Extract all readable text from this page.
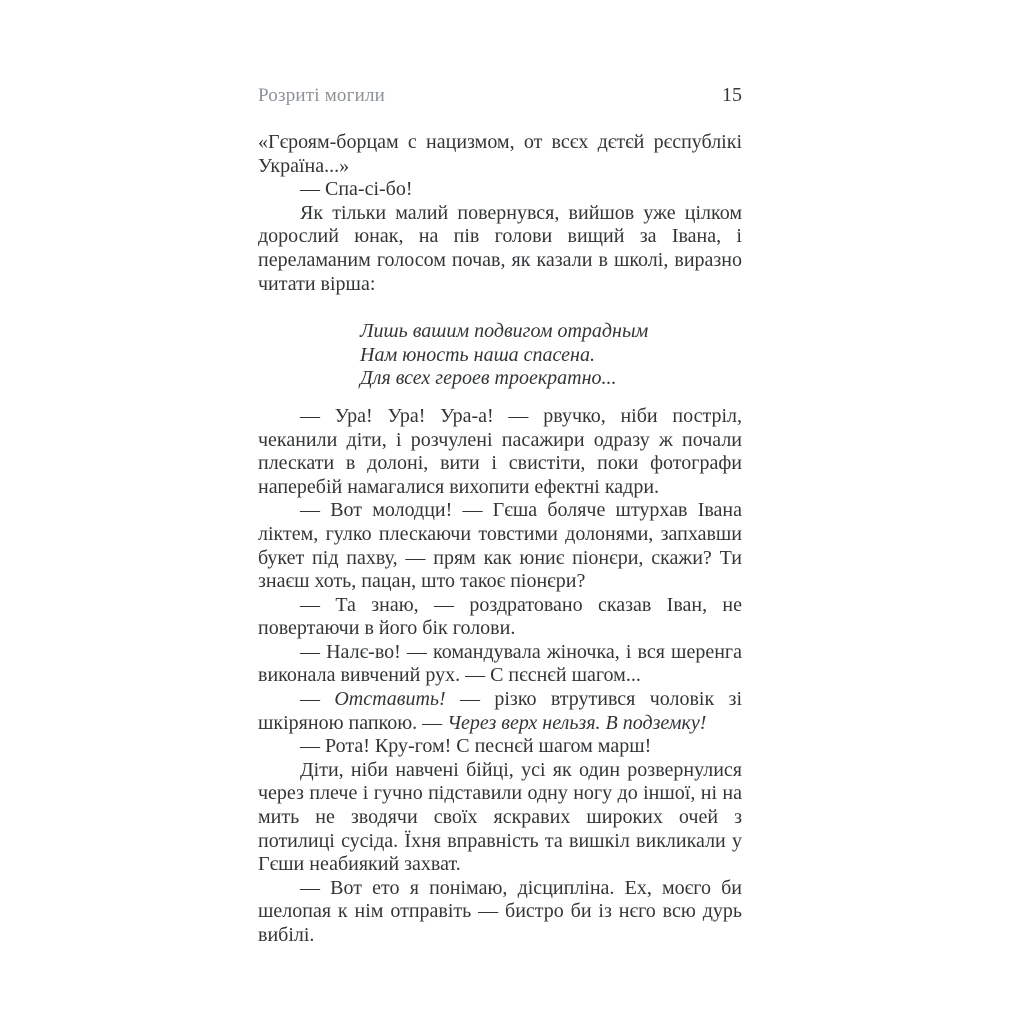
Розриті могили	15

«Гєроям-борцам с нацизмом, от всєх дєтєй рєспублікі Україна...»

— Спа-сі-бо!

Як тільки малий повернувся, вийшов уже цілком дорослий юнак, на пів голови вищий за Івана, і переламаним голосом почав, як казали в школі, виразно читати вірша:

Лишь вашим подвигом отрадным
Нам юность наша спасена.
Для всех героев троекратно...

— Ура! Ура! Ура-а! — рвучко, ніби постріл, чеканили діти, і розчулені пасажири одразу ж почали плескати в долоні, вити і свистіти, поки фотографи наперебій намагалися вихопити ефектні кадри.

— Вот молодци! — Гєша боляче штурхав Івана ліктем, гулко плескаючи товстими долонями, запхавши букет під пахву, — прям как юниє піонєри, скажи? Ти знаєш хоть, пацан, што такоє піонєри?

— Та знаю, — роздратовано сказав Іван, не повертаючи в його бік голови.

— Налє-во! — командувала жіночка, і вся шеренга виконала вивчений рух. — С пєснєй шагом...

— Отставить! — різко втрутився чоловік зі шкіряною папкою. — Через верх нельзя. В подземку!

— Рота! Кру-гом! С песнєй шагом марш!

Діти, ніби навчені бійці, усі як один розвернулися через плече і гучно підставили одну ногу до іншої, ні на мить не зводячи своїх яскравих широких очей з потилиці сусіда. Їхня вправність та вишкіл викликали у Гєши неабиякий захват.

— Вот ето я понімаю, дісципліна. Ех, моєго би шелопая к нім отправіть — бистро би із нєго всю дурь вибілі.
